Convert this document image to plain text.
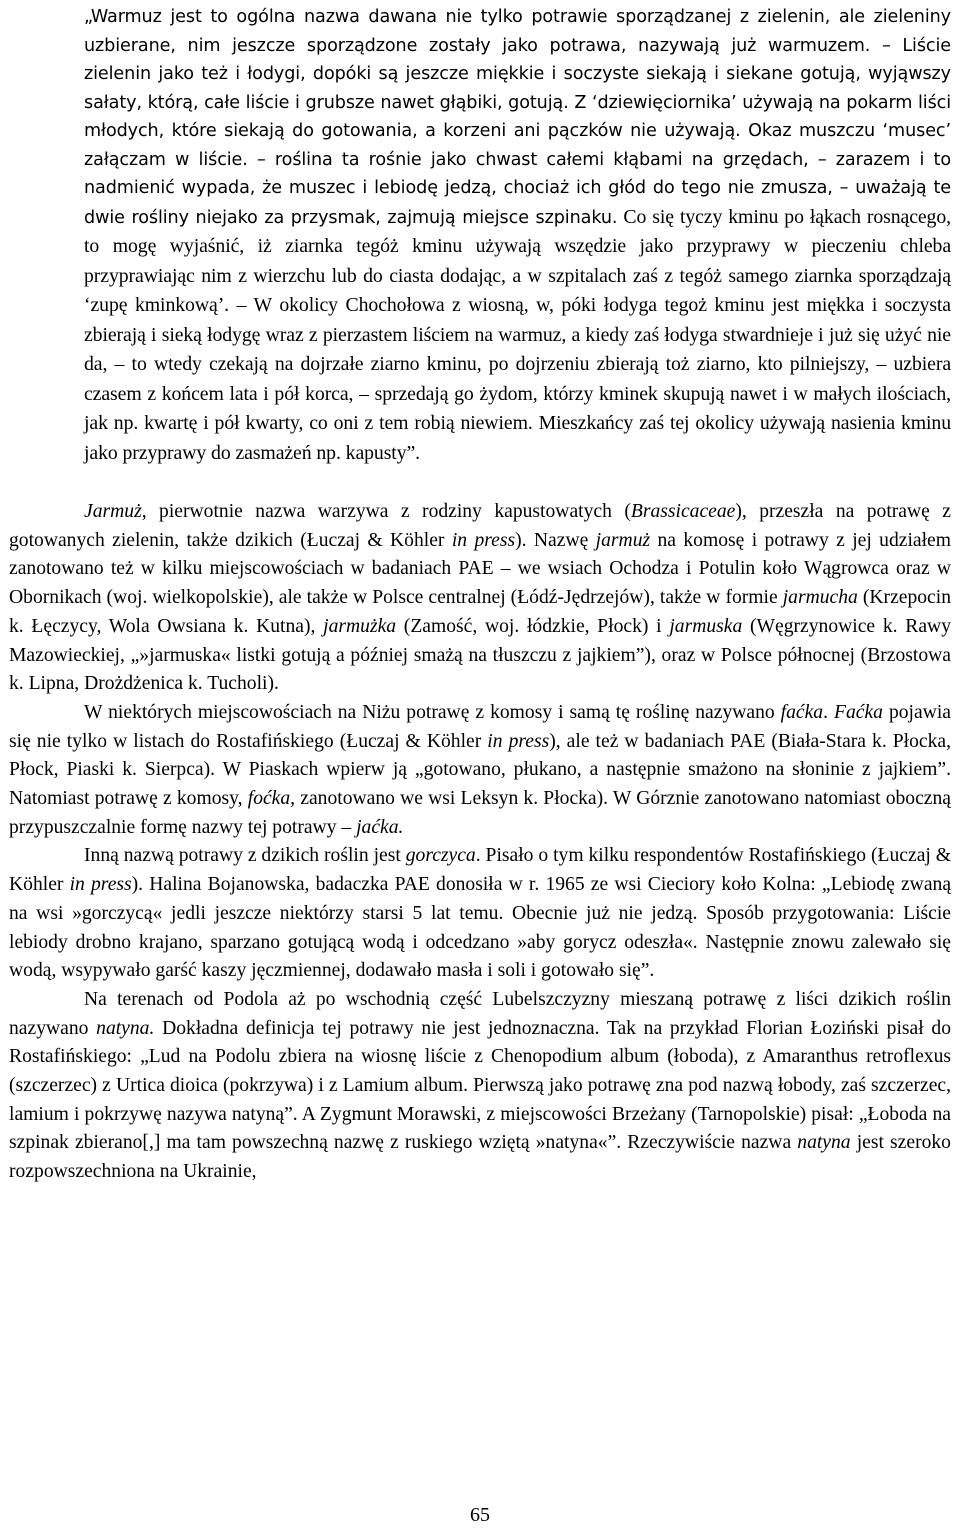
„Warmuz jest to ogólna nazwa dawana nie tylko potrawie sporządzanej z zielenin, ale zieleniny uzbierane, nim jeszcze sporządzone zostały jako potrawa, nazywają już warmuzem. – Liście zielenin jako też i łodygi, dopóki są jeszcze miękkie i soczyste siekają i siekane gotują, wyjąwszy sałaty, którą, całe liście i grubsze nawet głąbiki, gotują. Z ‘dziewięciornika’ używają na pokarm liści młodych, które siekają do gotowania, a korzeni ani pączków nie używają. Okaz muszczu ‘musec’ załączam w liście. – roślina ta rośnie jako chwast całemi kłąbami na grzędach, – zarazem i to nadmienić wypada, że muszec i lebiodę jedzą, chociaż ich głód do tego nie zmusza, – uważają te dwie rośliny niejako za przysmak, zajmują miejsce szpinaku. Co się tyczy kminu po łąkach rosnącego, to mogę wyjaśnić, iż ziarnka tegóż kminu używają wszędzie jako przyprawy w pieczeniu chleba przyprawiając nim z wierzchu lub do ciasta dodając, a w szpitalach zaś z tegóż samego ziarnka sporządzają ‘zupę kminkową’. – W okolicy Chochołowa z wiosną, w, póki łodyga tegoż kminu jest miękka i soczysta zbierają i sieką łodygę wraz z pierzastem liściem na warmuz, a kiedy zaś łodyga stwardnieje i już się użyć nie da, – to wtedy czekają na dojrzałe ziarno kminu, po dojrzeniu zbierają toż ziarno, kto pilniejszy, – uzbiera czasem z końcem lata i pół korca, – sprzedają go żydom, którzy kminek skupują nawet i w małych ilościach, jak np. kwartę i pół kwarty, co oni z tem robią niewiem. Mieszkańcy zaś tej okolicy używają nasienia kminu jako przyprawy do zasmażeń np. kapusty”.

Jarmuż, pierwotnie nazwa warzywa z rodziny kapustowatych (Brassicaceae), przeszła na potrawę z gotowanych zielenin, także dzikich (Łuczaj & Köhler in press). Nazwę jarmuż na komosę i potrawy z jej udziałem zanotowano też w kilku miejscowościach w badaniach PAE – we wsiach Ochodza i Potulin koło Wągrowca oraz w Obornikach (woj. wielkopolskie), ale także w Polsce centralnej (Łódź-Jędrzejów), także w formie jarmucha (Krzepocin k. Łęczycy, Wola Owsiana k. Kutna), jarmużka (Zamość, woj. łódzkie, Płock) i jarmuska (Węgrzynowice k. Rawy Mazowieckiej, „»jarmuska« listki gotują a później smażą na tłuszczu z jajkiem”), oraz w Polsce północnej (Brzostowa k. Lipna, Drożdżenica k. Tucholi).

W niektórych miejscowościach na Niżu potrawę z komosy i samą tę roślinę nazywano faćka. Faćka pojawia się nie tylko w listach do Rostafińskiego (Łuczaj & Köhler in press), ale też w badaniach PAE (Biała-Stara k. Płocka, Płock, Piaski k. Sierpca). W Piaskach wpierw ją „gotowano, płukano, a następnie smażono na słoninie z jajkiem”. Natomiast potrawę z komosy, foćka, zanotowano we wsi Leksyn k. Płocka). W Górznie zanotowano natomiast oboczną przypuszczalnie formę nazwy tej potrawy – jaćka.

Inną nazwą potrawy z dzikich roślin jest gorczyca. Pisało o tym kilku respondentów Rostafińskiego (Łuczaj & Köhler in press). Halina Bojanowska, badaczka PAE donosiła w r. 1965 ze wsi Cieciory koło Kolna: „Lebiodę zwaną na wsi »gorczycą« jedli jeszcze niektórzy starsi 5 lat temu. Obecnie już nie jedzą. Sposób przygotowania: Liście lebiody drobno krajano, sparzano gotującą wodą i odcedzano »aby gorycz odeszła«. Następnie znowu zalewało się wodą, wsypywało garść kaszy jęczmiennej, dodawało masła i soli i gotowało się”.

Na terenach od Podola aż po wschodnią część Lubelszczyzny mieszaną potrawę z liści dzikich roślin nazywano natyna. Dokładna definicja tej potrawy nie jest jednoznaczna. Tak na przykład Florian Łoziński pisał do Rostafińskiego: „Lud na Podolu zbiera na wiosnę liście z Chenopodium album (łoboda), z Amaranthus retroflexus (szczerzec) z Urtica dioica (pokrzywa) i z Lamium album. Pierwszą jako potrawę zna pod nazwą łobody, zaś szczerzec, lamium i pokrzywę nazywa natyną”. A Zygmunt Morawski, z miejscowości Brzeżany (Tarnopolskie) pisał: „Łoboda na szpinak zbierano[,] ma tam powszechną nazwę z ruskiego wziętą »natyna«”. Rzeczywiście nazwa natyna jest szeroko rozpowszechniona na Ukrainie,

65
